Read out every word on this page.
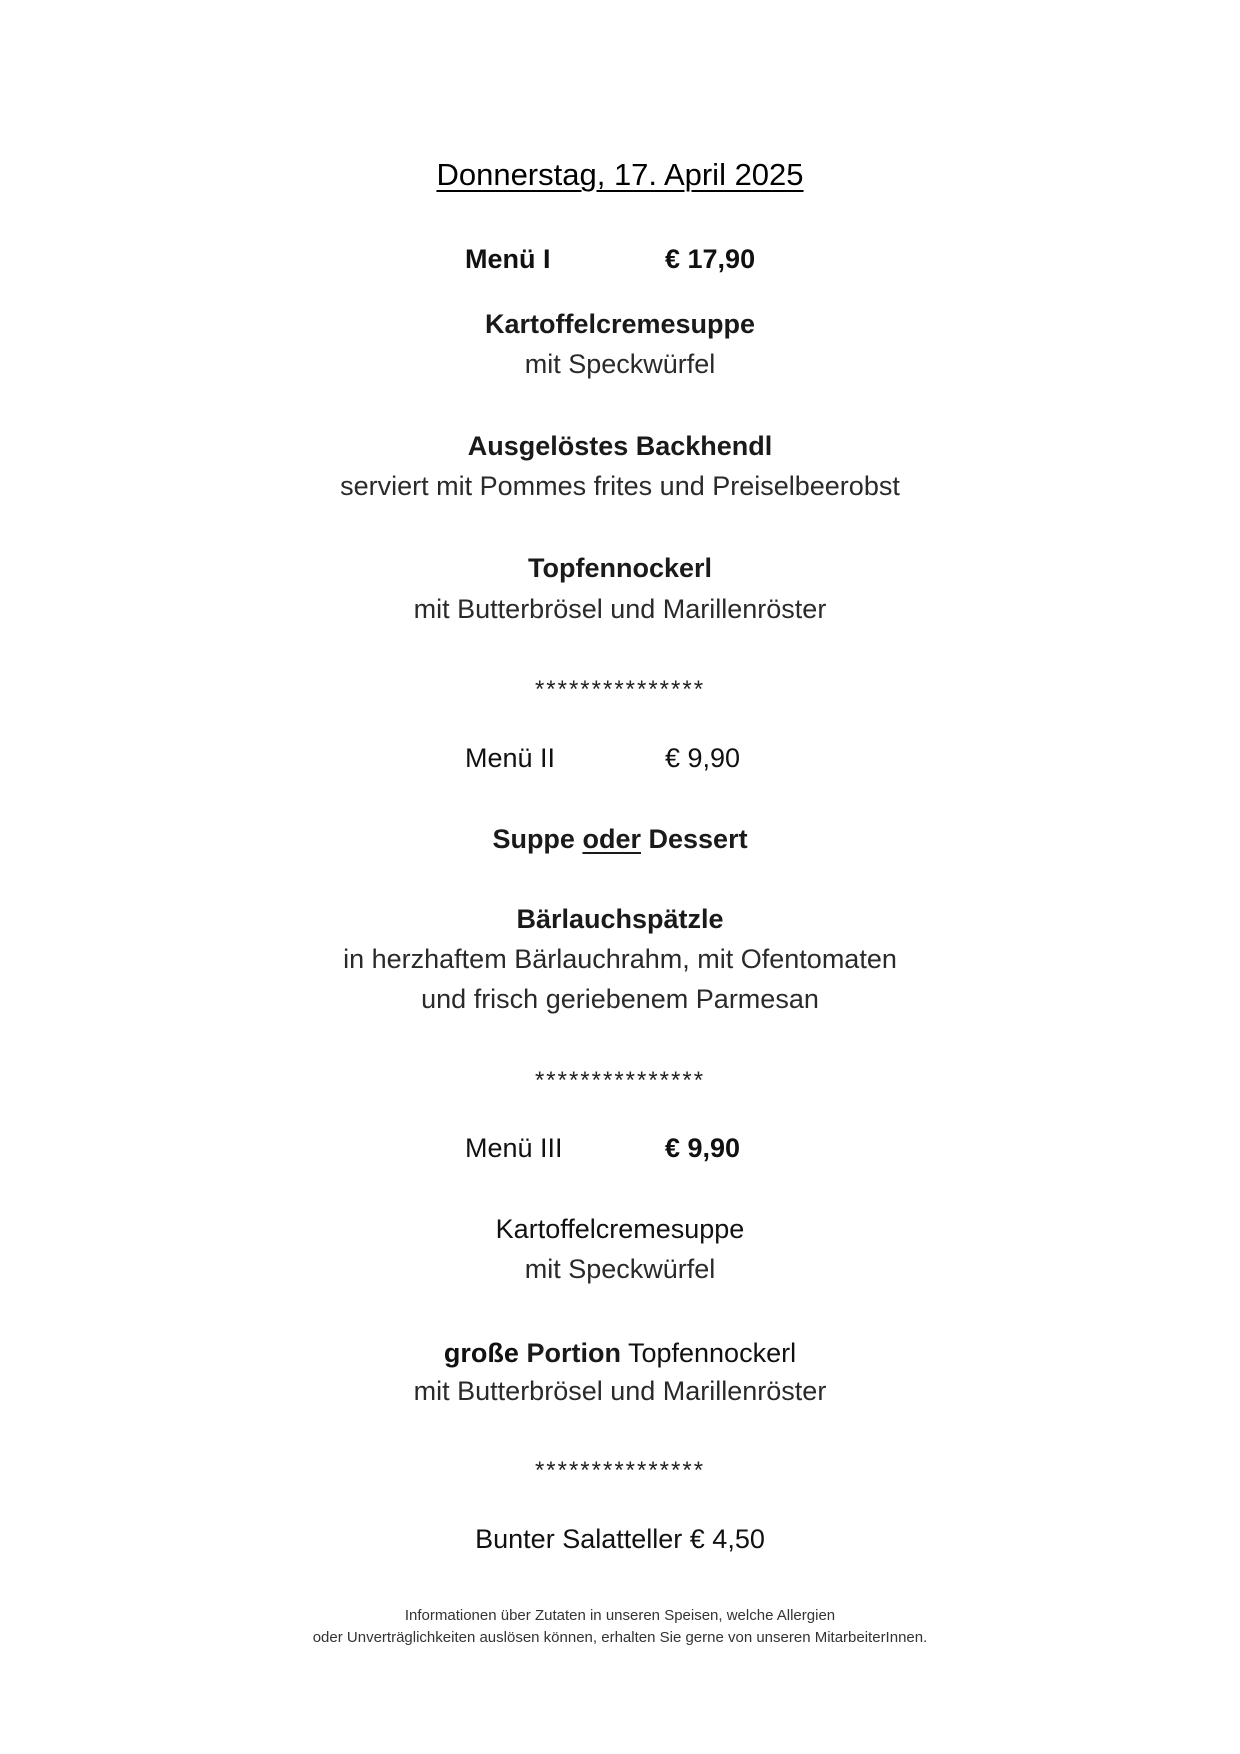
Donnerstag, 17. April 2025
Menü I	€ 17,90
Kartoffelcremesuppe
mit Speckwürfel
Ausgelöstes Backhendl
serviert mit Pommes frites und Preiselbeerobst
Topfennockerl
mit Butterbrösel und Marillenröster
***************
Menü II	€ 9,90
Suppe oder Dessert
Bärlauchspätzle
in herzhaftem Bärlauchrahm, mit Ofentomaten
und frisch geriebenem Parmesan
***************
Menü III	€ 9,90
Kartoffelcremesuppe
mit Speckwürfel
große Portion Topfennockerl
mit Butterbrösel und Marillenröster
***************
Bunter Salatteller € 4,50
Informationen über Zutaten in unseren Speisen, welche Allergien
oder Unverträglichkeiten auslösen können, erhalten Sie gerne von unseren MitarbeiterInnen.
